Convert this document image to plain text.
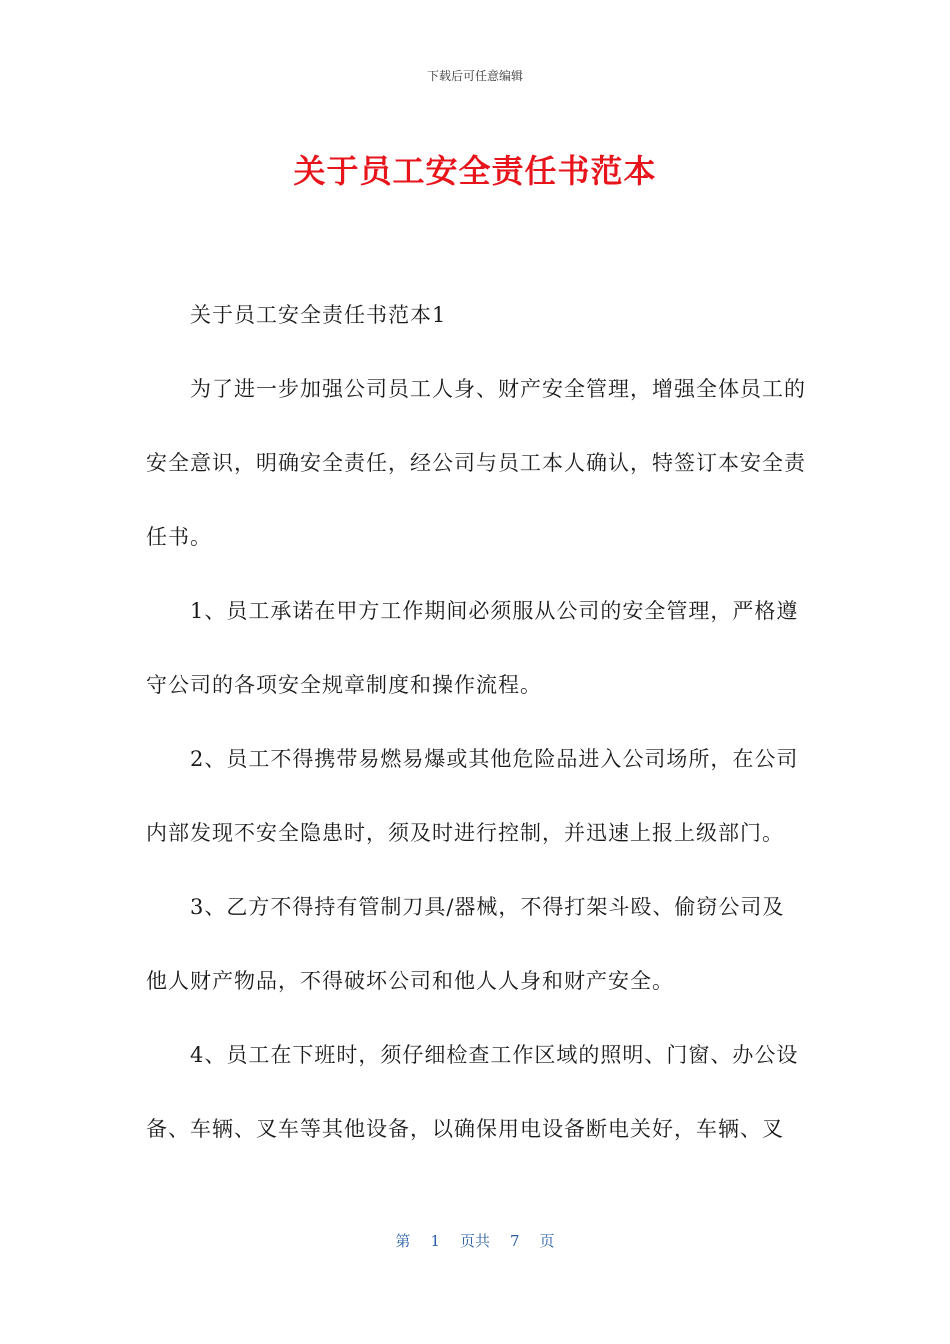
下载后可任意编辑
关于员工安全责任书范本

关于员工安全责任书范本1

为了进一步加强公司员工人身、财产安全管理，增强全体员工的安全意识，明确安全责任，经公司与员工本人确认，特签订本安全责任书。

1、员工承诺在甲方工作期间必须服从公司的安全管理，严格遵守公司的各项安全规章制度和操作流程。

2、员工不得携带易燃易爆或其他危险品进入公司场所，在公司内部发现不安全隐患时，须及时进行控制，并迅速上报上级部门。

3、乙方不得持有管制刀具/器械，不得打架斗殴、偷窃公司及他人财产物品，不得破坏公司和他人人身和财产安全。

4、员工在下班时，须仔细检查工作区域的照明、门窗、办公设备、车辆、叉车等其他设备，以确保用电设备断电关好，车辆、叉

第 1 页共 7 页
